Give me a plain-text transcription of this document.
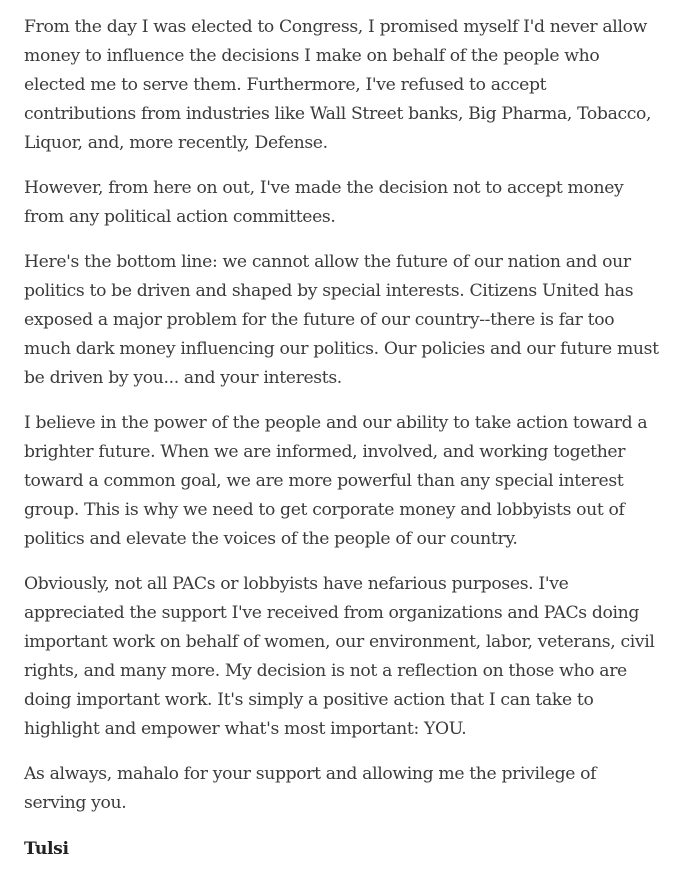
From the day I was elected to Congress, I promised myself I'd never allow money to influence the decisions I make on behalf of the people who elected me to serve them. Furthermore, I've refused to accept contributions from industries like Wall Street banks, Big Pharma, Tobacco, Liquor, and, more recently, Defense.

However, from here on out, I've made the decision not to accept money from any political action committees.

Here's the bottom line: we cannot allow the future of our nation and our politics to be driven and shaped by special interests. Citizens United has exposed a major problem for the future of our country--there is far too much dark money influencing our politics. Our policies and our future must be driven by you... and your interests.

I believe in the power of the people and our ability to take action toward a brighter future. When we are informed, involved, and working together toward a common goal, we are more powerful than any special interest group. This is why we need to get corporate money and lobbyists out of politics and elevate the voices of the people of our country.

Obviously, not all PACs or lobbyists have nefarious purposes. I've appreciated the support I've received from organizations and PACs doing important work on behalf of women, our environment, labor, veterans, civil rights, and many more. My decision is not a reflection on those who are doing important work. It's simply a positive action that I can take to highlight and empower what's most important: YOU.

As always, mahalo for your support and allowing me the privilege of serving you.

Tulsi
